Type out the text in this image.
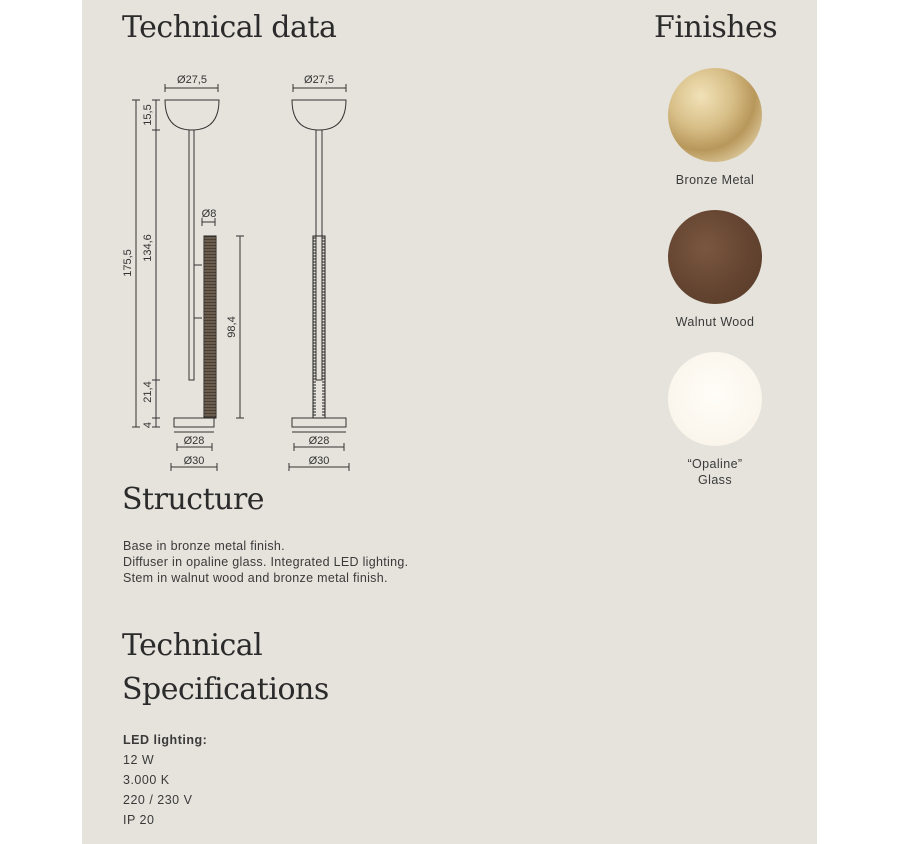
Technical data	Finishes
Ø27,5	Ø27,5
Ø8
Ø28
Ø30
Ø28
Ø30
175,5
134,6
15,5
21,4
4
98,4
Bronze Metal
Walnut Wood
“Opaline”
Glass
Structure
Base in bronze metal finish.
Diffuser in opaline glass. Integrated LED lighting.
Stem in walnut wood and bronze metal finish.
Technical
Specifications
LED lighting:
12 W
3.000 K
220 / 230 V
IP 20
